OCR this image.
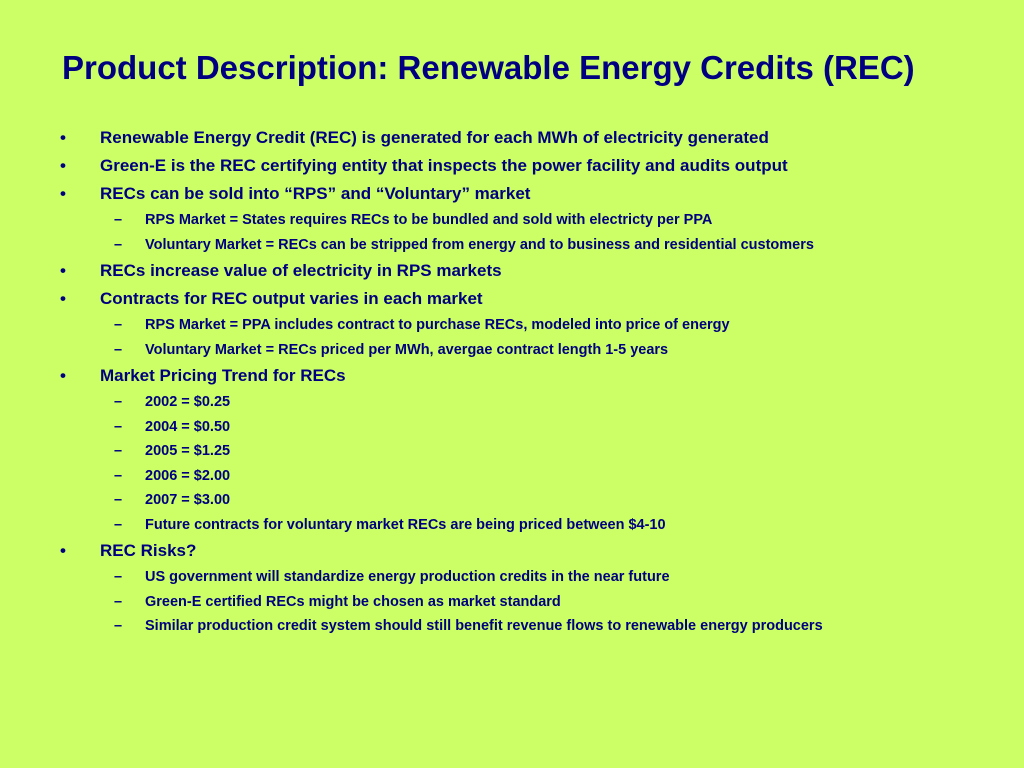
Product Description: Renewable Energy Credits (REC)
•	Renewable Energy Credit (REC) is generated for each MWh of electricity generated
•	Green-E is the REC certifying entity that inspects the power facility and audits output
•	RECs can be sold into “RPS” and “Voluntary” market
–	RPS Market = States requires RECs to be bundled and sold with electricty per PPA
–	Voluntary Market = RECs can be stripped from energy and to business and residential customers
•	RECs increase value of electricity in RPS markets
•	Contracts for REC output varies in each market
–	RPS Market = PPA includes contract to purchase RECs, modeled into price of energy
–	Voluntary Market = RECs priced per MWh, avergae contract length 1-5 years
•	Market Pricing Trend for RECs
–	2002 = $0.25
–	2004 = $0.50
–	2005 = $1.25
–	2006 = $2.00
–	2007 = $3.00
–	Future contracts for voluntary market RECs are being priced between $4-10
•	REC Risks?
–	US government will standardize energy production credits in the near future
–	Green-E certified RECs might be chosen as market standard
–	Similar production credit system should still benefit revenue flows to renewable energy producers
